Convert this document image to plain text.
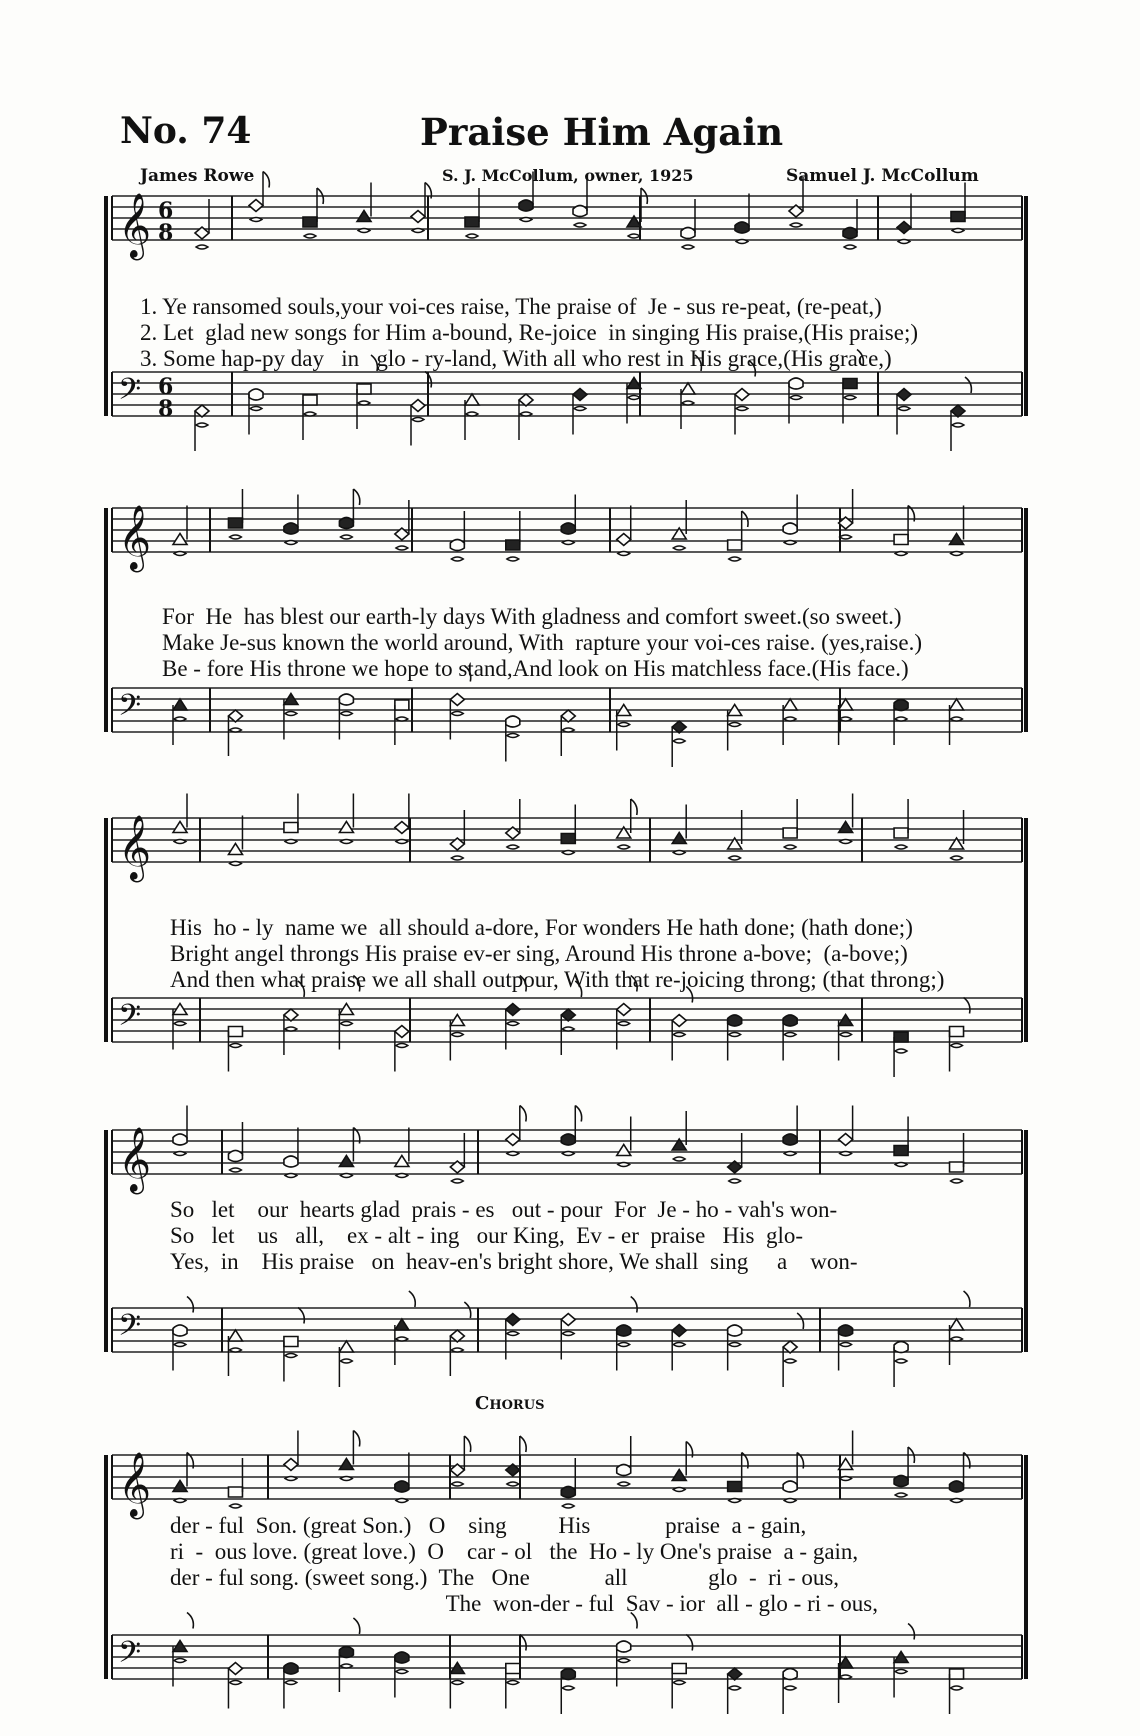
𝄞 6
8
𝄢 6
8
𝄞
𝄢
𝄞
𝄢
𝄞
𝄢
𝄞
𝄢
No. 74	Praise Him Again
James Rowe	S. J. McCollum, owner, 1925	Samuel J. McCollum
Chorus
1. Ye ransomed souls,your voi-ces raise, The praise of  Je - sus re-peat, (re-peat,)
2. Let  glad new songs for Him a-bound, Re-joice  in singing His praise,(His praise;)
3. Some hap-py day   in   glo - ry-land, With all who rest in His grace,(His grace,)
For  He  has blest our earth-ly days With gladness and comfort sweet.(so sweet.)
Make Je-sus known the world around, With  rapture your voi-ces raise. (yes,raise.)
Be - fore His throne we hope to stand,And look on His matchless face.(His face.)
His  ho - ly  name we  all should a-dore, For wonders He hath done; (hath done;)
Bright angel throngs His praise ev-er sing, Around His throne a-bove;  (a-bove;)
And then what praise we all shall outpour, With that re-joicing throng; (that throng;)
So   let    our  hearts glad  prais - es   out - pour  For  Je - ho - vah's won-
So   let    us   all,    ex - alt - ing   our King,  Ev - er  praise   His  glo-
Yes,  in    His praise   on  heav-en's bright shore, We shall  sing     a    won-
der - ful  Son. (great Son.)   O    sing         His             praise  a - gain,
ri  -  ous love. (great love.)  O    car - ol   the  Ho - ly One's praise  a - gain,
der - ful song. (sweet song.)  The   One             all              glo  -  ri - ous,
The  won-der - ful  Sav - ior  all - glo - ri - ous,
